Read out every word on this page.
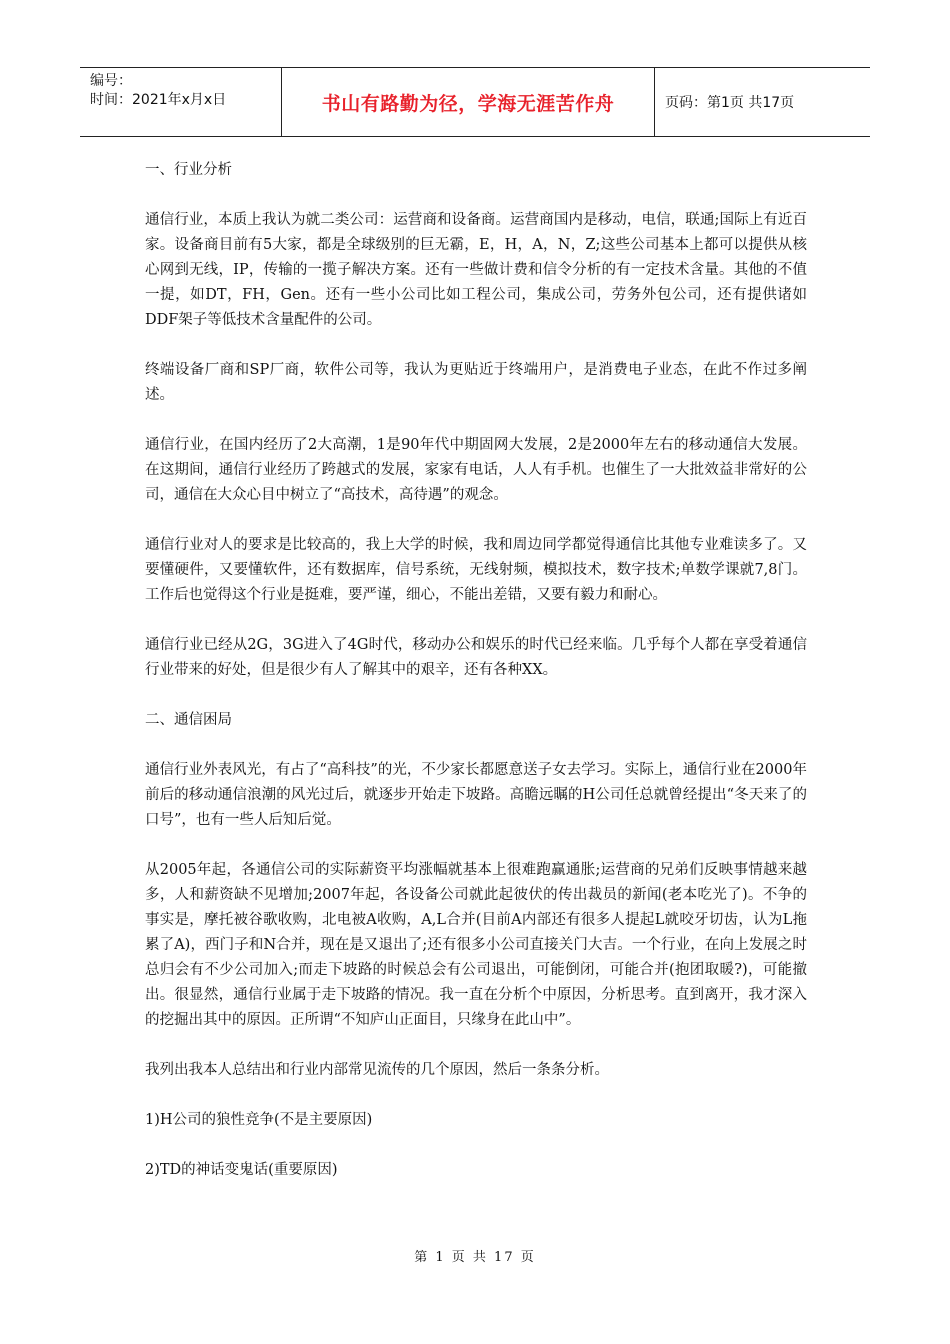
编号：
时间：2021年x月x日	书山有路勤为径，学海无涯苦作舟	页码：第1页 共17页

一、行业分析

通信行业，本质上我认为就二类公司：运营商和设备商。运营商国内是移动，电信，联通;国际上有近百家。设备商目前有5大家，都是全球级别的巨无霸，E，H，A，N，Z;这些公司基本上都可以提供从核心网到无线，IP，传输的一揽子解决方案。还有一些做计费和信令分析的有一定技术含量。其他的不值一提，如DT，FH，Gen。还有一些小公司比如工程公司，集成公司，劳务外包公司，还有提供诸如DDF架子等低技术含量配件的公司。

终端设备厂商和SP厂商，软件公司等，我认为更贴近于终端用户，是消费电子业态，在此不作过多阐述。

通信行业，在国内经历了2大高潮，1是90年代中期固网大发展，2是2000年左右的移动通信大发展。在这期间，通信行业经历了跨越式的发展，家家有电话，人人有手机。也催生了一大批效益非常好的公司，通信在大众心目中树立了“高技术，高待遇”的观念。

通信行业对人的要求是比较高的，我上大学的时候，我和周边同学都觉得通信比其他专业难读多了。又要懂硬件，又要懂软件，还有数据库，信号系统，无线射频，模拟技术，数字技术;单数学课就7,8门。工作后也觉得这个行业是挺难，要严谨，细心，不能出差错，又要有毅力和耐心。

通信行业已经从2G，3G进入了4G时代，移动办公和娱乐的时代已经来临。几乎每个人都在享受着通信行业带来的好处，但是很少有人了解其中的艰辛，还有各种XX。

二、通信困局

通信行业外表风光，有占了“高科技”的光，不少家长都愿意送子女去学习。实际上，通信行业在2000年前后的移动通信浪潮的风光过后，就逐步开始走下坡路。高瞻远瞩的H公司任总就曾经提出“冬天来了的口号”，也有一些人后知后觉。

从2005年起，各通信公司的实际薪资平均涨幅就基本上很难跑赢通胀;运营商的兄弟们反映事情越来越多，人和薪资缺不见增加;2007年起，各设备公司就此起彼伏的传出裁员的新闻(老本吃光了)。不争的事实是，摩托被谷歌收购，北电被A收购，A,L合并(目前A内部还有很多人提起L就咬牙切齿，认为L拖累了A)，西门子和N合并，现在是又退出了;还有很多小公司直接关门大吉。一个行业，在向上发展之时总归会有不少公司加入;而走下坡路的时候总会有公司退出，可能倒闭，可能合并(抱团取暖?)，可能撤出。很显然，通信行业属于走下坡路的情况。我一直在分析个中原因，分析思考。直到离开，我才深入的挖掘出其中的原因。正所谓“不知庐山正面目，只缘身在此山中”。

我列出我本人总结出和行业内部常见流传的几个原因，然后一条条分析。

1)H公司的狼性竞争(不是主要原因)

2)TD的神话变鬼话(重要原因)

第 1 页 共 17 页
